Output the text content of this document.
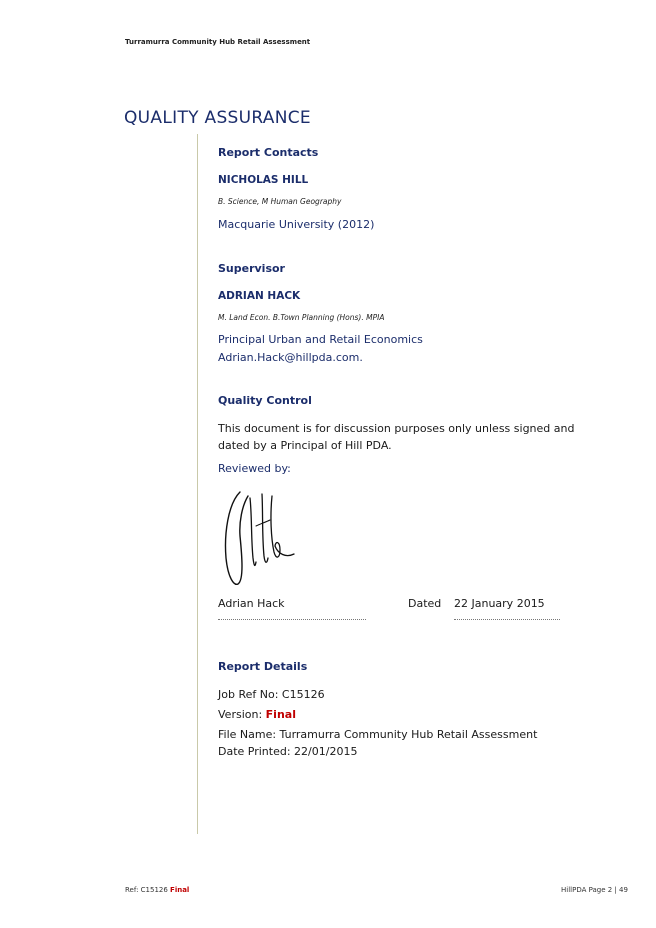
Turramurra Community Hub Retail Assessment
QUALITY ASSURANCE
Report Contacts
NICHOLAS HILL
B. Science, M Human Geography
Macquarie University (2012)
Supervisor
ADRIAN HACK
M. Land Econ. B.Town Planning (Hons). MPIA
Principal Urban and Retail Economics
Adrian.Hack@hillpda.com.
Quality Control
This document is for discussion purposes only unless signed and
dated by a Principal of Hill PDA.
Reviewed by:
Adrian Hack	Dated 22 January 2015
Report Details
Job Ref No: C15126
Version: Final
File Name: Turramurra Community Hub Retail Assessment
Date Printed: 22/01/2015
Ref: C15126 Final	HillPDA Page 2 | 49
